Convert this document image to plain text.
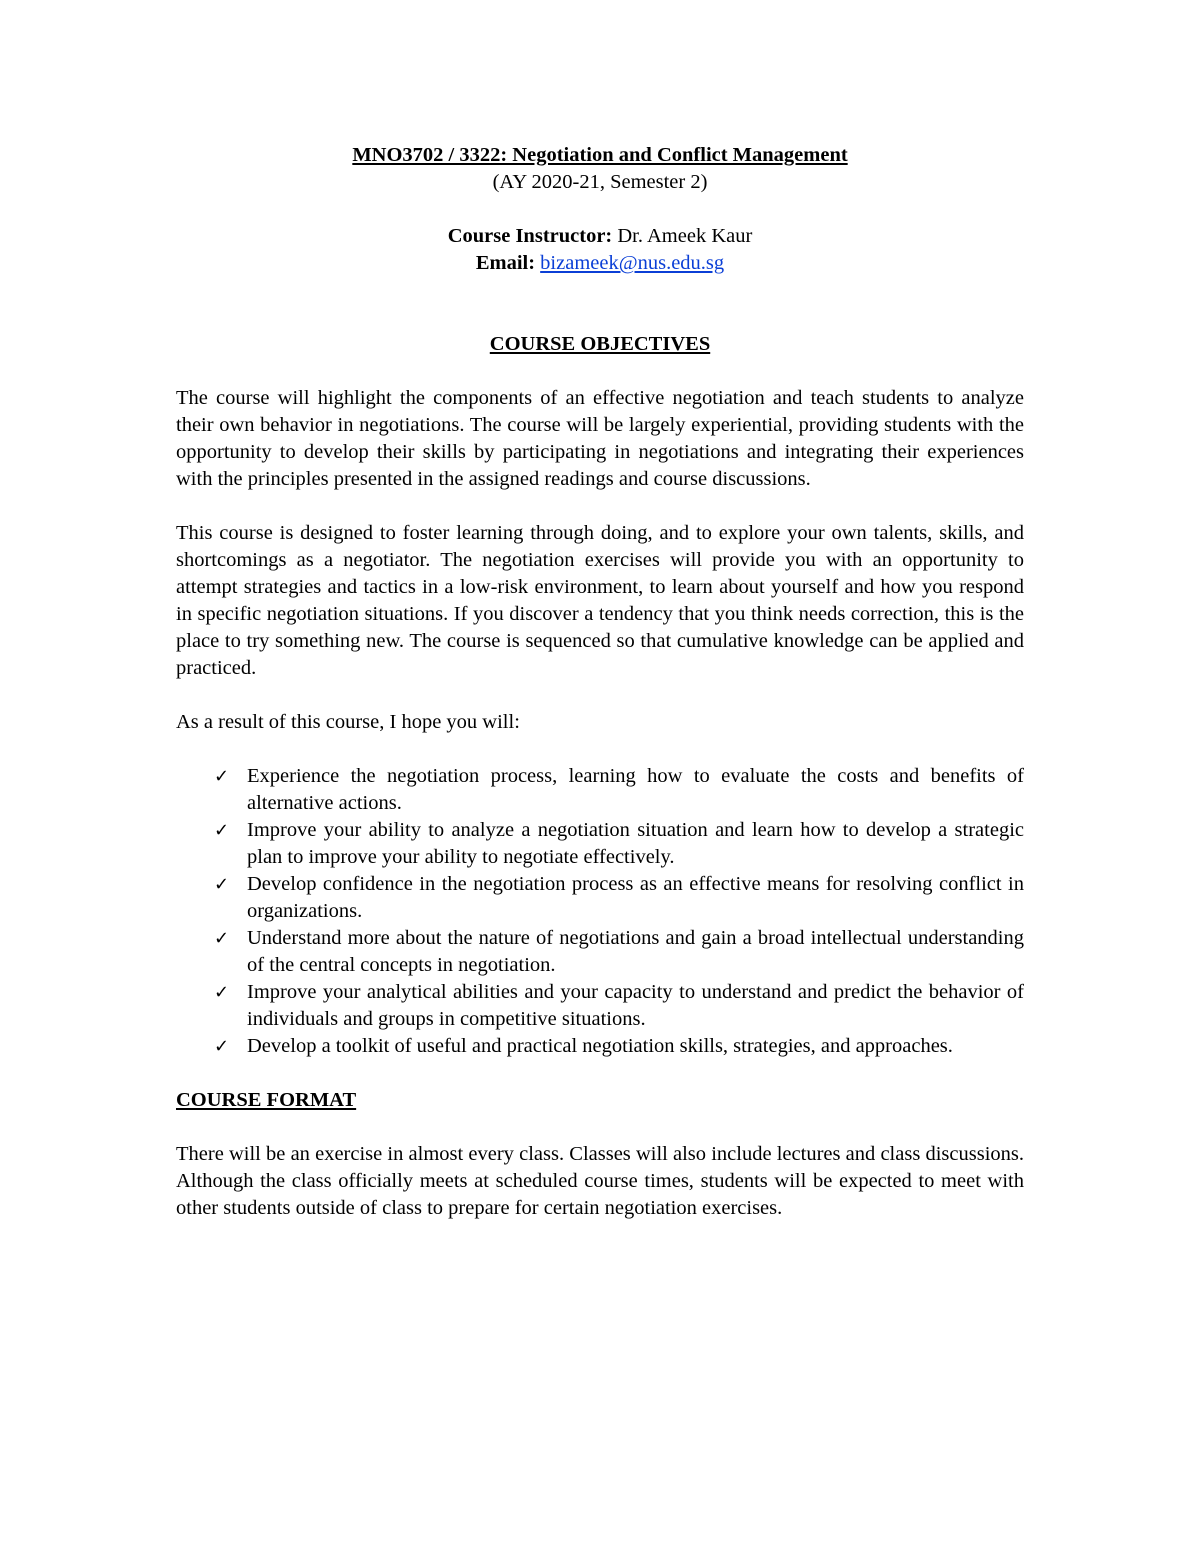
MNO3702 / 3322: Negotiation and Conflict Management
(AY 2020-21, Semester 2)
Course Instructor: Dr. Ameek Kaur
Email: bizameek@nus.edu.sg
COURSE OBJECTIVES

The course will highlight the components of an effective negotiation and teach students to analyze their own behavior in negotiations. The course will be largely experiential, providing students with the opportunity to develop their skills by participating in negotiations and integrating their experiences with the principles presented in the assigned readings and course discussions.

This course is designed to foster learning through doing, and to explore your own talents, skills, and shortcomings as a negotiator. The negotiation exercises will provide you with an opportunity to attempt strategies and tactics in a low-risk environment, to learn about yourself and how you respond in specific negotiation situations. If you discover a tendency that you think needs correction, this is the place to try something new. The course is sequenced so that cumulative knowledge can be applied and practiced.

As a result of this course, I hope you will:

✓ Experience the negotiation process, learning how to evaluate the costs and benefits of alternative actions.
✓ Improve your ability to analyze a negotiation situation and learn how to develop a strategic plan to improve your ability to negotiate effectively.
✓ Develop confidence in the negotiation process as an effective means for resolving conflict in organizations.
✓ Understand more about the nature of negotiations and gain a broad intellectual understanding of the central concepts in negotiation.
✓ Improve your analytical abilities and your capacity to understand and predict the behavior of individuals and groups in competitive situations.
✓ Develop a toolkit of useful and practical negotiation skills, strategies, and approaches.
COURSE FORMAT

There will be an exercise in almost every class. Classes will also include lectures and class discussions. Although the class officially meets at scheduled course times, students will be expected to meet with other students outside of class to prepare for certain negotiation exercises.
